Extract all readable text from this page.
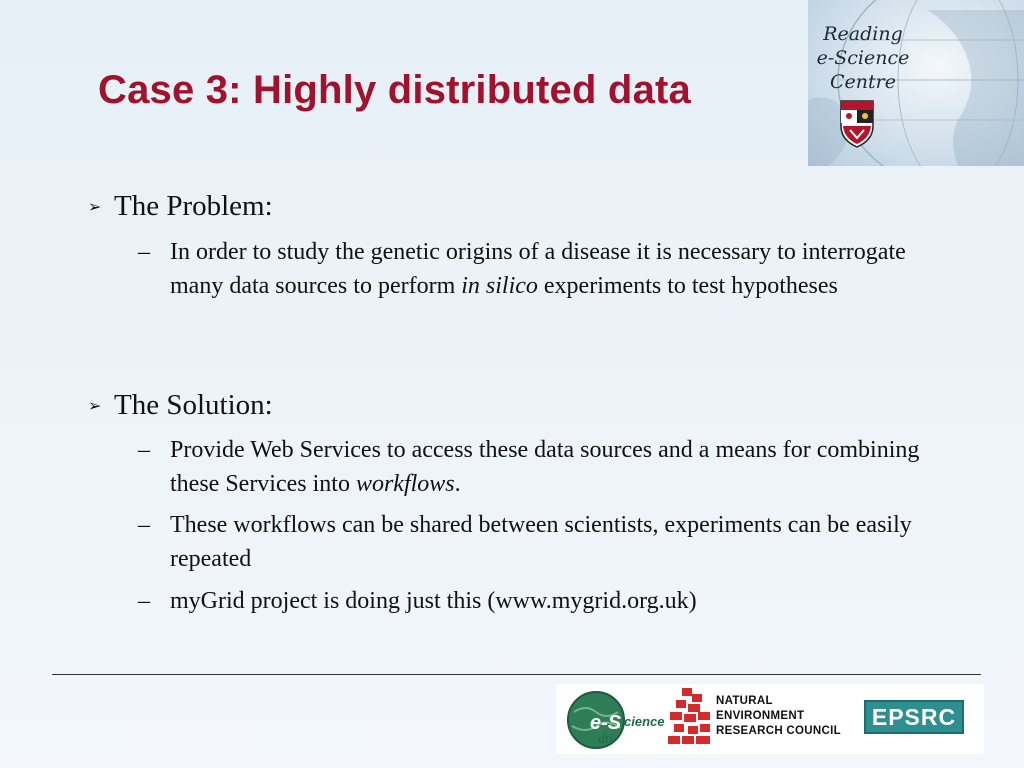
Case 3: Highly distributed data
Reading
e-Science
Centre
➢ The Problem:
– In order to study the genetic origins of a disease it is necessary to interrogate many data sources to perform in silico experiments to test hypotheses
➢ The Solution:
– Provide Web Services to access these data sources and a means for combining these Services into workflows.
– These workflows can be shared between scientists, experiments can be easily repeated
– myGrid project is doing just this (www.mygrid.org.uk)
e-S cience
dti
NATURAL
ENVIRONMENT
RESEARCH COUNCIL
EPSRC
